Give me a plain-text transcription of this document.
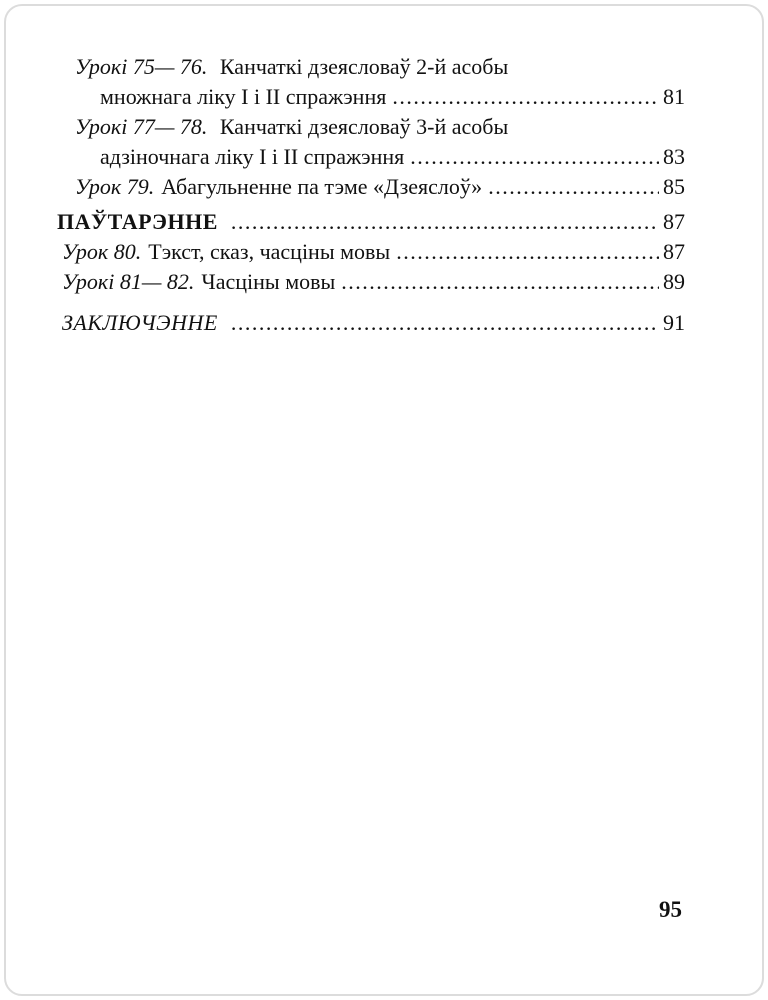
Урокі 75— 76. Канчаткі дзеясловаў 2-й асобы
множнага ліку І і ІІ спражэння .....	81
Урокі 77— 78. Канчаткі дзеясловаў 3-й асобы
адзіночнага ліку І і ІІ спражэння .....	83
Урок 79. Абагульненне па тэме «Дзеяслоў» .....	85
ПАЎТАРЭННЕ .....	87
Урок 80. Тэкст, сказ, часціны мовы .....	87
Урокі 81— 82. Часціны мовы .....	89
ЗАКЛЮЧЭННЕ .....	91
95
